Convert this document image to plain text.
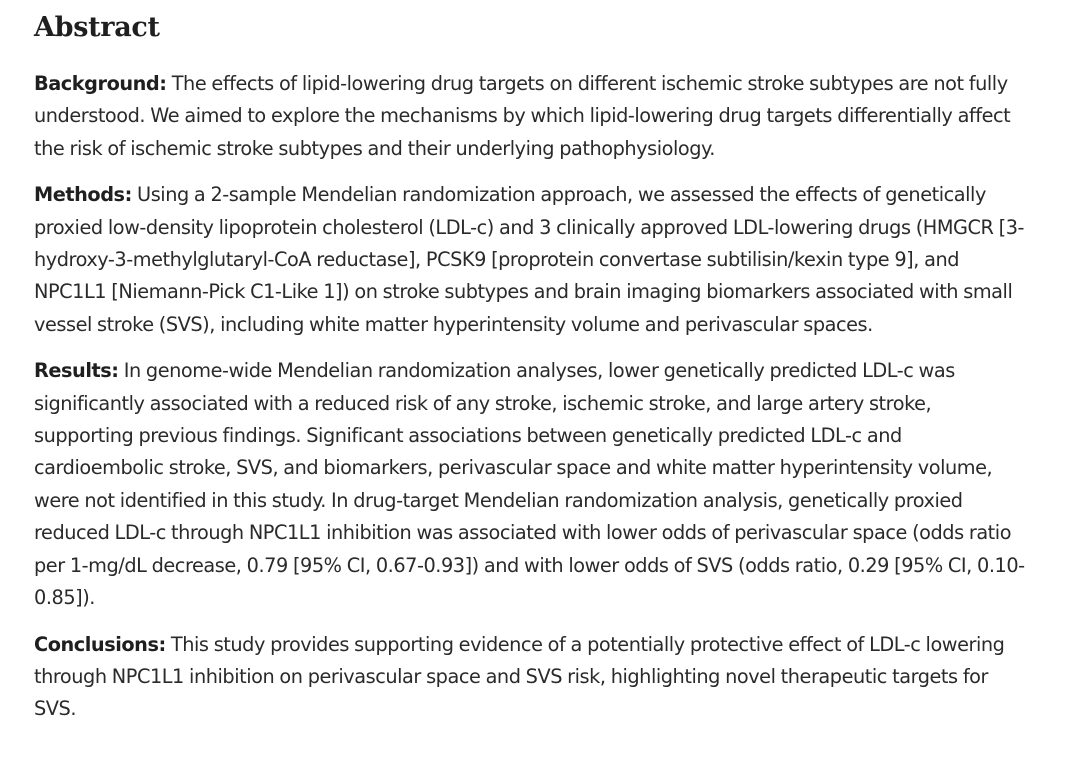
Abstract

Background: The effects of lipid-lowering drug targets on different ischemic stroke subtypes are not fully understood. We aimed to explore the mechanisms by which lipid-lowering drug targets differentially affect the risk of ischemic stroke subtypes and their underlying pathophysiology.

Methods: Using a 2-sample Mendelian randomization approach, we assessed the effects of genetically proxied low-density lipoprotein cholesterol (LDL-c) and 3 clinically approved LDL-lowering drugs (HMGCR [3-hydroxy-3-methylglutaryl-CoA reductase], PCSK9 [proprotein convertase subtilisin/kexin type 9], and NPC1L1 [Niemann-Pick C1-Like 1]) on stroke subtypes and brain imaging biomarkers associated with small vessel stroke (SVS), including white matter hyperintensity volume and perivascular spaces.

Results: In genome-wide Mendelian randomization analyses, lower genetically predicted LDL-c was significantly associated with a reduced risk of any stroke, ischemic stroke, and large artery stroke, supporting previous findings. Significant associations between genetically predicted LDL-c and cardioembolic stroke, SVS, and biomarkers, perivascular space and white matter hyperintensity volume, were not identified in this study. In drug-target Mendelian randomization analysis, genetically proxied reduced LDL-c through NPC1L1 inhibition was associated with lower odds of perivascular space (odds ratio per 1-mg/dL decrease, 0.79 [95% CI, 0.67-0.93]) and with lower odds of SVS (odds ratio, 0.29 [95% CI, 0.10-0.85]).

Conclusions: This study provides supporting evidence of a potentially protective effect of LDL-c lowering through NPC1L1 inhibition on perivascular space and SVS risk, highlighting novel therapeutic targets for SVS.
